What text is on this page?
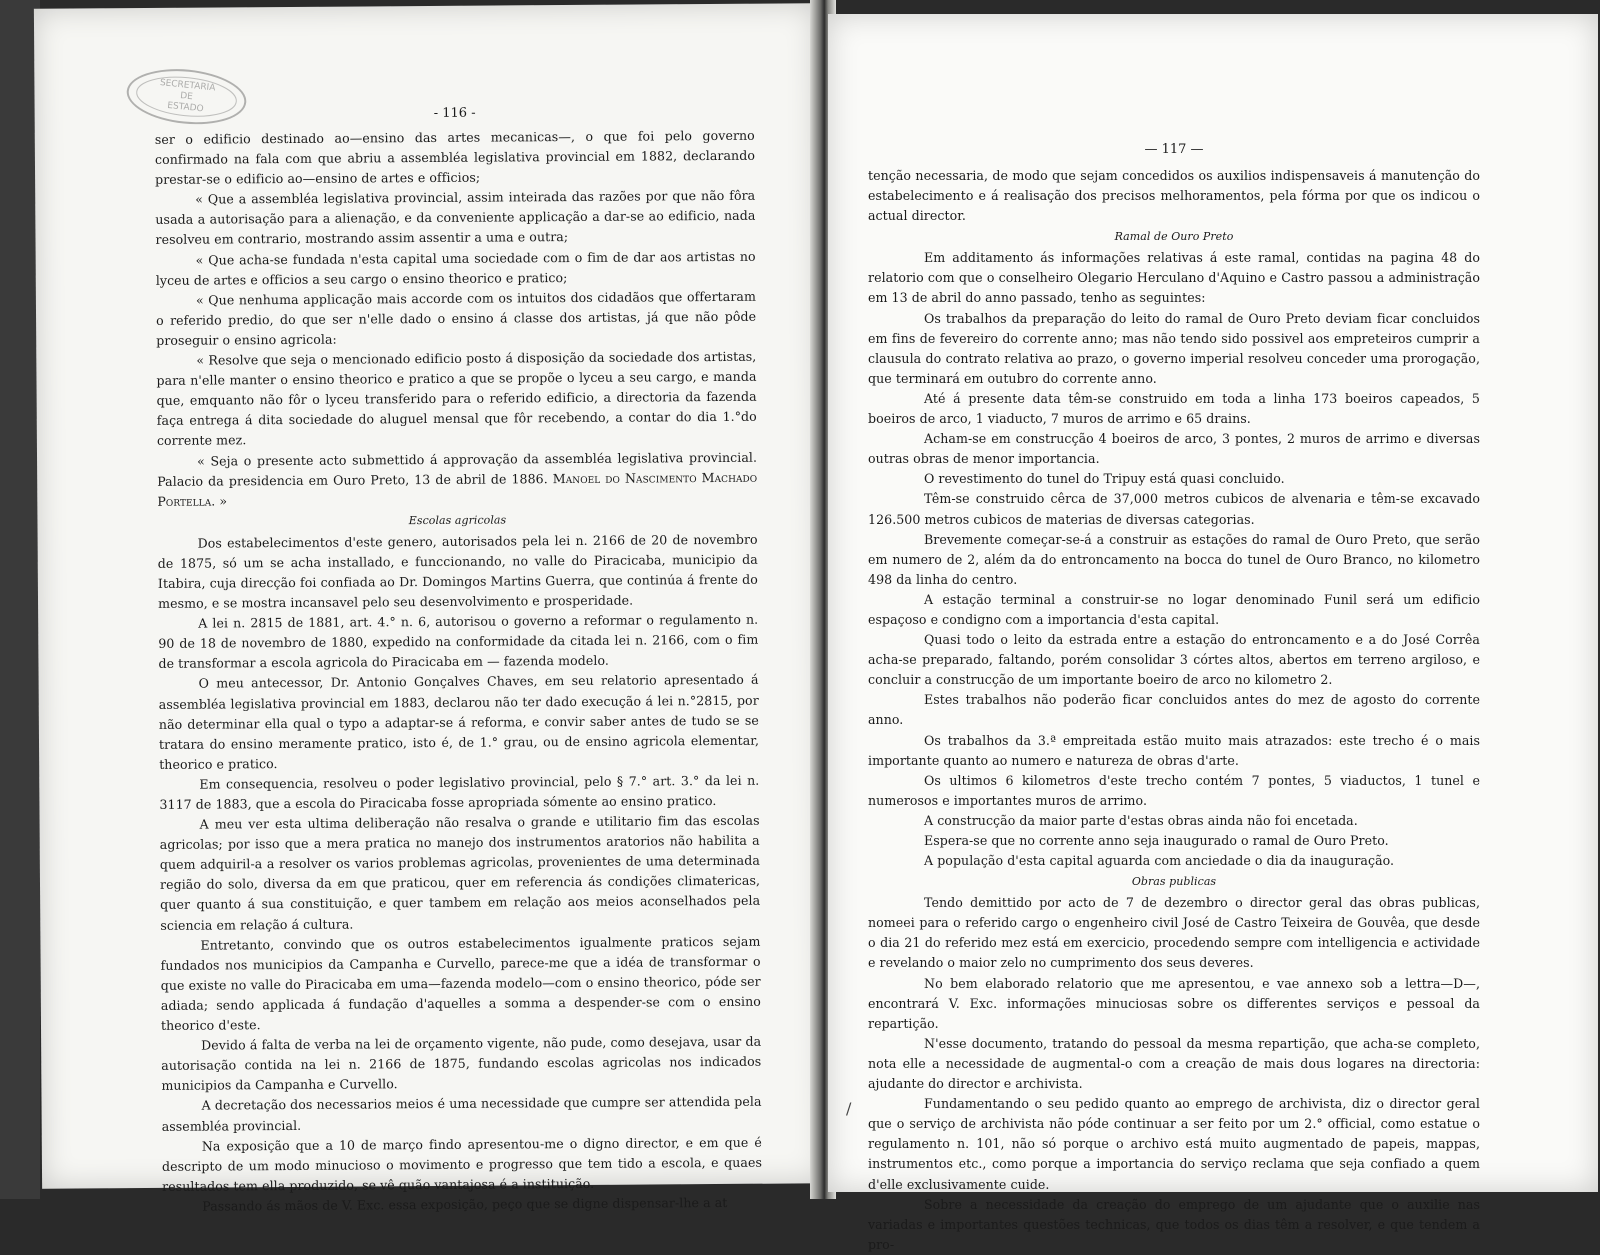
SECRETARIA
DE
ESTADO	- 116 -

ser o edificio destinado ao—ensino das artes mecanicas—, o que foi pelo governo confirmado na fala com que abriu a assembléa legislativa provincial em 1882, declarando prestar-se o edificio ao—ensino de artes e officios;

« Que a assembléa legislativa provincial, assim inteirada das razões por que não fôra usada a autorisação para a alienação, e da conveniente applicação a dar-se ao edificio, nada resolveu em contrario, mostrando assim assentir a uma e outra;

« Que acha-se fundada n'esta capital uma sociedade com o fim de dar aos artistas no lyceu de artes e officios a seu cargo o ensino theorico e pratico;

« Que nenhuma applicação mais accorde com os intuitos dos cidadãos que offertaram o referido predio, do que ser n'elle dado o ensino á classe dos artistas, já que não pôde proseguir o ensino agricola:

« Resolve que seja o mencionado edificio posto á disposição da sociedade dos artistas, para n'elle manter o ensino theorico e pratico a que se propõe o lyceu a seu cargo, e manda que, emquanto não fôr o lyceu transferido para o referido edificio, a directoria da fazenda faça entrega á dita sociedade do aluguel mensal que fôr recebendo, a contar do dia 1.°do corrente mez.

« Seja o presente acto submettido á approvação da assembléa legislativa provincial. Palacio da presidencia em Ouro Preto, 13 de abril de 1886. Manoel do Nascimento Machado Portella. »

Escolas agricolas

Dos estabelecimentos d'este genero, autorisados pela lei n. 2166 de 20 de novembro de 1875, só um se acha installado, e funccionando, no valle do Piracicaba, municipio da Itabira, cuja direcção foi confiada ao Dr. Domingos Martins Guerra, que continúa á frente do mesmo, e se mostra incansavel pelo seu desenvolvimento e prosperidade.

A lei n. 2815 de 1881, art. 4.° n. 6, autorisou o governo a reformar o regulamento n. 90 de 18 de novembro de 1880, expedido na conformidade da citada lei n. 2166, com o fim de transformar a escola agricola do Piracicaba em — fazenda modelo.

O meu antecessor, Dr. Antonio Gonçalves Chaves, em seu relatorio apresentado á assembléa legislativa provincial em 1883, declarou não ter dado execução á lei n.°2815, por não determinar ella qual o typo a adaptar-se á reforma, e convir saber antes de tudo se se tratara do ensino meramente pratico, isto é, de 1.° grau, ou de ensino agricola elementar, theorico e pratico.

Em consequencia, resolveu o poder legislativo provincial, pelo § 7.° art. 3.° da lei n. 3117 de 1883, que a escola do Piracicaba fosse apropriada sómente ao ensino pratico.

A meu ver esta ultima deliberação não resalva o grande e utilitario fim das escolas agricolas; por isso que a mera pratica no manejo dos instrumentos aratorios não habilita a quem adquiril-a a resolver os varios problemas agricolas, provenientes de uma determinada região do solo, diversa da em que praticou, quer em referencia ás condições climatericas, quer quanto á sua constituição, e quer tambem em relação aos meios aconselhados pela sciencia em relação á cultura.

Entretanto, convindo que os outros estabelecimentos igualmente praticos sejam fundados nos municipios da Campanha e Curvello, parece-me que a idéa de transformar o que existe no valle do Piracicaba em uma—fazenda modelo—com o ensino theorico, póde ser adiada; sendo applicada á fundação d'aquelles a somma a despender-se com o ensino theorico d'este.

Devido á falta de verba na lei de orçamento vigente, não pude, como desejava, usar da autorisação contida na lei n. 2166 de 1875, fundando escolas agricolas nos indicados municipios da Campanha e Curvello.

A decretação dos necessarios meios é uma necessidade que cumpre ser attendida pela assembléa provincial.

Na exposição que a 10 de março findo apresentou-me o digno director, e em que é descripto de um modo minucioso o movimento e progresso que tem tido a escola, e quaes resultados tem ella produzido, se vê quão vantajosa é a instituição.

Passando ás mãos de V. Exc. essa exposição, peço que se digne dispensar-lhe a at

— 117 —

tenção necessaria, de modo que sejam concedidos os auxilios indispensaveis á manutenção do estabelecimento e á realisação dos precisos melhoramentos, pela fórma por que os indicou o actual director.

Ramal de Ouro Preto

Em additamento ás informações relativas á este ramal, contidas na pagina 48 do relatorio com que o conselheiro Olegario Herculano d'Aquino e Castro passou a administração em 13 de abril do anno passado, tenho as seguintes:

Os trabalhos da preparação do leito do ramal de Ouro Preto deviam ficar concluidos em fins de fevereiro do corrente anno; mas não tendo sido possivel aos empreteiros cumprir a clausula do contrato relativa ao prazo, o governo imperial resolveu conceder uma prorogação, que terminará em outubro do corrente anno.

Até á presente data têm-se construido em toda a linha 173 boeiros capeados, 5 boeiros de arco, 1 viaducto, 7 muros de arrimo e 65 drains.

Acham-se em construcção 4 boeiros de arco, 3 pontes, 2 muros de arrimo e diversas outras obras de menor importancia.

O revestimento do tunel do Tripuy está quasi concluido.

Têm-se construido cêrca de 37,000 metros cubicos de alvenaria e têm-se excavado 126.500 metros cubicos de materias de diversas categorias.

Brevemente começar-se-á a construir as estações do ramal de Ouro Preto, que serão em numero de 2, além da do entroncamento na bocca do tunel de Ouro Branco, no kilometro 498 da linha do centro.

A estação terminal a construir-se no logar denominado Funil será um edificio espaçoso e condigno com a importancia d'esta capital.

Quasi todo o leito da estrada entre a estação do entroncamento e a do José Corrêa acha-se preparado, faltando, porém consolidar 3 córtes altos, abertos em terreno argiloso, e concluir a construcção de um importante boeiro de arco no kilometro 2.

Estes trabalhos não poderão ficar concluidos antes do mez de agosto do corrente anno.

Os trabalhos da 3.ª empreitada estão muito mais atrazados: este trecho é o mais importante quanto ao numero e natureza de obras d'arte.

Os ultimos 6 kilometros d'este trecho contém 7 pontes, 5 viaductos, 1 tunel e numerosos e importantes muros de arrimo.

A construcção da maior parte d'estas obras ainda não foi encetada.

Espera-se que no corrente anno seja inaugurado o ramal de Ouro Preto.

A população d'esta capital aguarda com anciedade o dia da inauguração.

Obras publicas

Tendo demittido por acto de 7 de dezembro o director geral das obras publicas, nomeei para o referido cargo o engenheiro civil José de Castro Teixeira de Gouvêa, que desde o dia 21 do referido mez está em exercicio, procedendo sempre com intelligencia e actividade e revelando o maior zelo no cumprimento dos seus deveres.

No bem elaborado relatorio que me apresentou, e vae annexo sob a lettra—D—, encontrará V. Exc. informações minuciosas sobre os differentes serviços e pessoal da repartição.

N'esse documento, tratando do pessoal da mesma repartição, que acha-se completo, nota elle a necessidade de augmental-o com a creação de mais dous logares na directoria: ajudante do director e archivista.

Fundamentando o seu pedido quanto ao emprego de archivista, diz o director geral que o serviço de archivista não póde continuar a ser feito por um 2.° official, como estatue o regulamento n. 101, não só porque o archivo está muito augmentado de papeis, mappas, instrumentos etc., como porque a importancia do serviço reclama que seja confiado a quem d'elle exclusivamente cuide.

Sobre a necessidade da creação do emprego de um ajudante que o auxilie nas variadas e importantes questões technicas, que todos os dias têm a resolver, e que tendem a pro-

/
